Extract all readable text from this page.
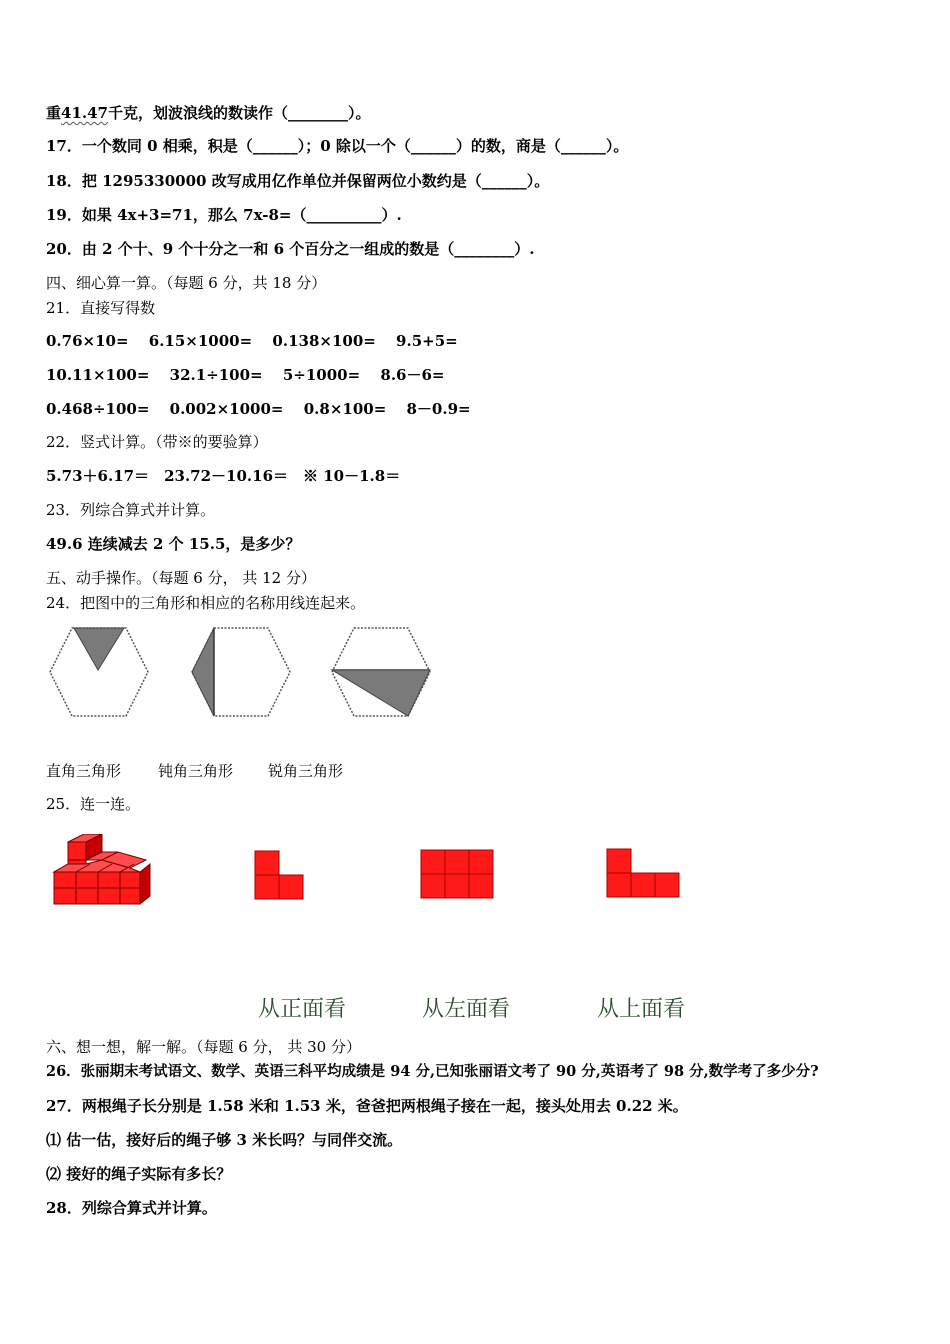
重41.47千克，划波浪线的数读作（________）。
17．一个数同 0 相乘，积是（______）；0 除以一个（______）的数，商是（______）。
18．把 1295330000 改写成用亿作单位并保留两位小数约是（______）。
19．如果 4x+3=71，那么 7x-8=（__________）.
20．由 2 个十、9 个十分之一和 6 个百分之一组成的数是（________）.
四、细心算一算。（每题 6 分，共 18 分）
21．直接写得数
0.76×10=　 6.15×1000=　 0.138×100=　 9.5+5=
10.11×100=　 32.1÷100=　 5÷1000=　 8.6－6=
0.468÷100=　 0.002×1000=　 0.8×100=　 8－0.9=
22．竖式计算。（带※的要验算）
5.73＋6.17＝　23.72－10.16＝　※ 10－1.8＝
23．列综合算式并计算。
49.6 连续减去 2 个 15.5，是多少？
五、动手操作。（每题 6 分， 共 12 分）
24．把图中的三角形和相应的名称用线连起来。
直角三角形 钝角三角形 锐角三角形
25．连一连。
从正面看	从左面看	从上面看
六、想一想，解一解。（每题 6 分， 共 30 分）
26．张丽期末考试语文、数学、英语三科平均成绩是 94 分,已知张丽语文考了 90 分,英语考了 98 分,数学考了多少分?
27．两根绳子长分别是 1.58 米和 1.53 米，爸爸把两根绳子接在一起，接头处用去 0.22 米。
⑴ 估一估，接好后的绳子够 3 米长吗？与同伴交流。
⑵ 接好的绳子实际有多长？
28．列综合算式并计算。
